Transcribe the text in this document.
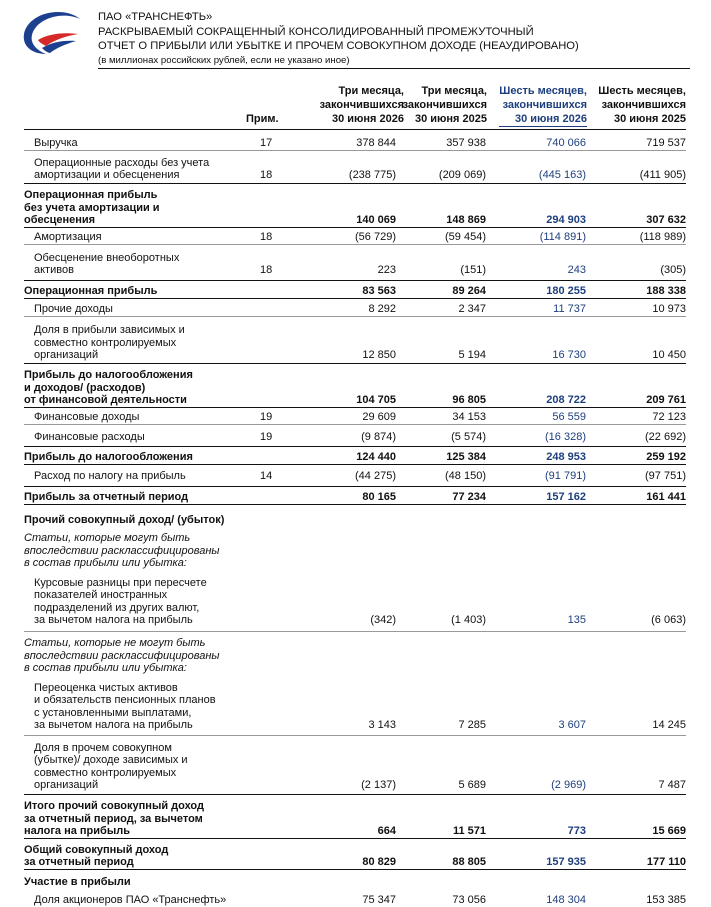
ПАО «ТРАНСНЕФТЬ»
РАСКРЫВАЕМЫЙ СОКРАЩЕННЫЙ КОНСОЛИДИРОВАННЫЙ ПРОМЕЖУТОЧНЫЙ
ОТЧЕТ О ПРИБЫЛИ ИЛИ УБЫТКЕ И ПРОЧЕМ СОВОКУПНОМ ДОХОДЕ (НЕАУДИРОВАНО)
(в миллионах российских рублей, если не указано иное)
Прим.
Три месяца,
закончившихся
30 июня 2026
Три месяца,
закончившихся
30 июня 2025
Шесть месяцев,
закончившихся
30 июня 2026
Шесть месяцев,
закончившихся
30 июня 2025
Выручка	17	378 844	357 938	740 066	719 537
Операционные расходы без учета
амортизации и обесценения	18	(238 775)	(209 069)	(445 163)	(411 905)
Операционная прибыль
без учета амортизации и
обесценения	140 069	148 869	294 903	307 632
Амортизация	18	(56 729)	(59 454)	(114 891)	(118 989)
Обесценение внеоборотных
активов	18	223	(151)	243	(305)
Операционная прибыль	83 563	89 264	180 255	188 338
Прочие доходы	8 292	2 347	11 737	10 973
Доля в прибыли зависимых и
совместно контролируемых
организаций	12 850	5 194	16 730	10 450
Прибыль до налогообложения
и доходов/ (расходов)
от финансовой деятельности	104 705	96 805	208 722	209 761
Финансовые доходы	19	29 609	34 153	56 559	72 123
Финансовые расходы	19	(9 874)	(5 574)	(16 328)	(22 692)
Прибыль до налогообложения	124 440	125 384	248 953	259 192
Расход по налогу на прибыль	14	(44 275)	(48 150)	(91 791)	(97 751)
Прибыль за отчетный период	80 165	77 234	157 162	161 441
Прочий совокупный доход/ (убыток)
Статьи, которые могут быть
впоследствии расклассифицированы
в состав прибыли или убытка:
Курсовые разницы при пересчете
показателей иностранных
подразделений из других валют,
за вычетом налога на прибыль	(342)	(1 403)	135	(6 063)
Статьи, которые не могут быть
впоследствии расклассифицированы
в состав прибыли или убытка:
Переоценка чистых активов
и обязательств пенсионных планов
с установленными выплатами,
за вычетом налога на прибыль	3 143	7 285	3 607	14 245
Доля в прочем совокупном
(убытке)/ доходе зависимых и
совместно контролируемых
организаций	(2 137)	5 689	(2 969)	7 487
Итого прочий совокупный доход
за отчетный период, за вычетом
налога на прибыль	664	11 571	773	15 669
Общий совокупный доход
за отчетный период	80 829	88 805	157 935	177 110
Участие в прибыли
Доля акционеров ПАО «Транснефть»	75 347	73 056	148 304	153 385
